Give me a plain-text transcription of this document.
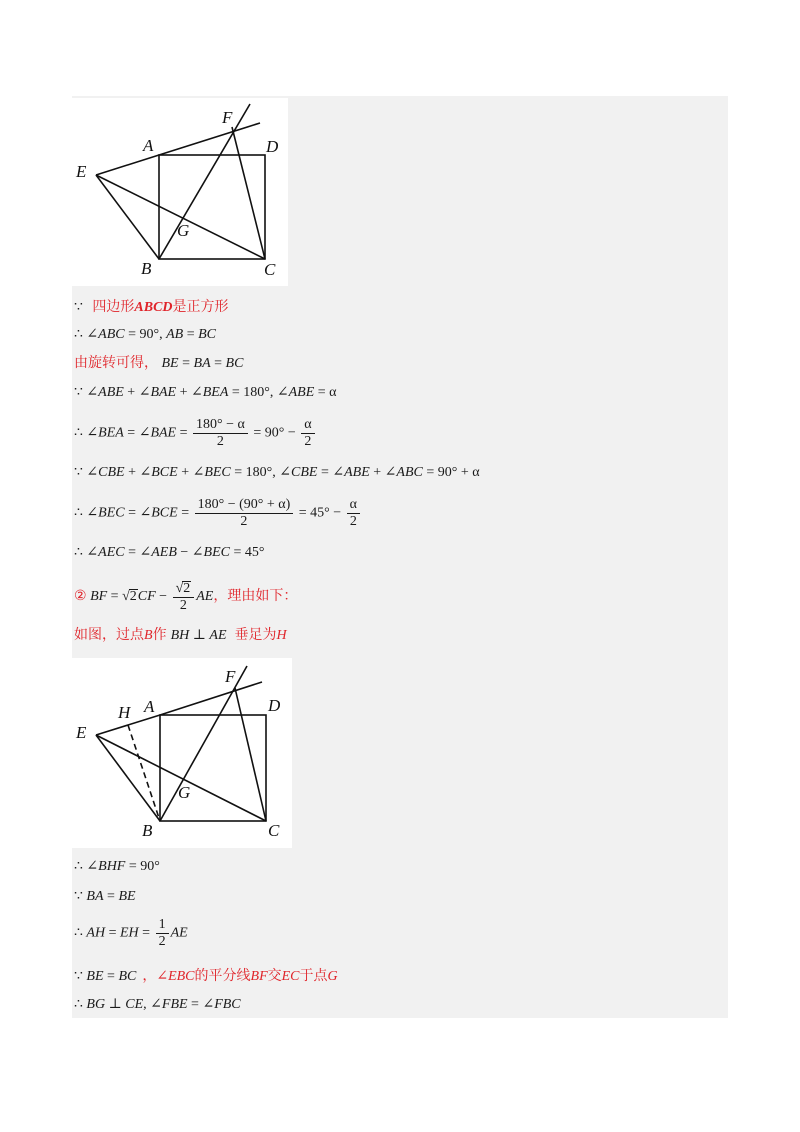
E
A
F
D
G
B	C
E
H A
F
D
G
B	C
∵ 四边形ABCD是正方形
∴ ∠ABC = 90°, AB = BC
由旋转可得， BE = BA = BC
∵ ∠ABE + ∠BAE + ∠BEA = 180°, ∠ABE = α
∴ ∠BEA = ∠BAE = $\frac{180^\circ - \alpha}{2} = 90^\circ - \frac{\alpha}{2}$
∵ ∠CBE + ∠BCE + ∠BEC = 180°, ∠CBE = ∠ABE + ∠ABC = 90° + α
∴ ∠BEC = ∠BCE = $\frac{180^\circ - (90^\circ + \alpha)}{2} = 45^\circ - \frac{\alpha}{2}$
∴ ∠AEC = ∠AEB − ∠BEC = 45°
② BF = $√2CF - \frac{√2}{2}$ AE，理由如下：
如图，过点B作 BH ⊥ AE 垂足为H
∴ ∠BHF = 90°
∵ BA = BE
∴ AH = EH = $\frac{1}{2}$ AE
∵ BE = BC ，∠EBC的平分线BF交EC于点G
∴ BG ⊥ CE, ∠FBE = ∠FBC
